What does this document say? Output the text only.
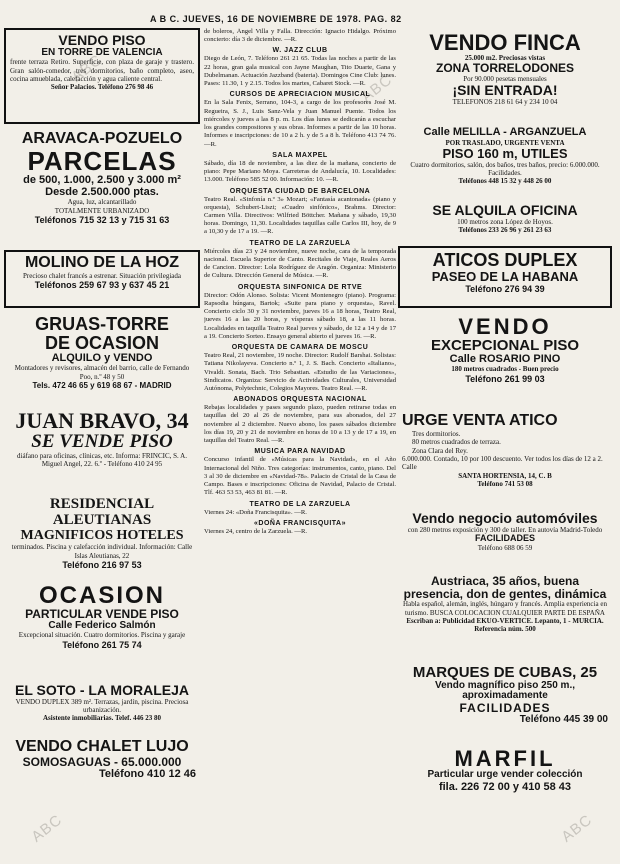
A B C. JUEVES, 16 DE NOVIEMBRE DE 1978. PAG. 82
ABC
ABC
ABC	ABC
VENDO PISO
EN TORRE DE VALENCIA
frente terraza Retiro. Superficie, con plaza de garaje y trastero. Gran salón-comedor, tres dormitorios, baño completo, aseo, cocina amueblada, calefacción y agua caliente central.
Señor Palacios. Teléfono 276 98 46
ARAVACA-POZUELO
PARCELAS
de 500, 1.000, 2.500 y 3.000 m²
Desde 2.500.000 ptas.
Agua, luz, alcantarillado
TOTALMENTE URBANIZADO
Teléfonos 715 32 13 y 715 31 63
MOLINO DE LA HOZ
Precioso chalet francés a estrenar. Situación privilegiada
Teléfonos 259 67 93 y 637 45 21
GRUAS-TORRE
DE OCASION
ALQUILO y VENDO
Montadores y revisores, almacén del barrio, calle de Fernando Poo, n.º 48 y 50
Tels. 472 46 65 y 619 68 67 - MADRID
JUAN BRAVO, 34
SE VENDE PISO
diáfano para oficinas, clínicas, etc. Informa: FRINCIC, S. A.
Miguel Angel, 22. 6.º - Teléfono 410 24 95
RESIDENCIAL ALEUTIANAS
MAGNIFICOS HOTELES
terminados. Piscina y calefacción individual. Información: Calle Islas Aleutianas, 22
Teléfono 216 97 53
OCASION
PARTICULAR VENDE PISO
Calle Federico Salmón
Excepcional situación. Cuatro dormitorios. Piscina y garaje
Teléfono 261 75 74
EL SOTO - LA MORALEJA
VENDO DUPLEX 389 m². Terrazas, jardín, piscina. Preciosa urbanización.
Asistente inmobiliarias. Telef. 446 23 80
VENDO CHALET LUJO
SOMOSAGUAS - 65.000.000
Teléfono 410 12 46

de boleros, Ángel Villa y Falla. Dirección: Ignacio Hidalgo. Próximo concierto: día 3 de diciembre. —R.

W. JAZZ CLUB

Diego de León, 7. Teléfono 261 21 65. Todas las noches a partir de las 22 horas, gran gala musical con Jayne Maughan, Tito Duarte, Gana y Dubelmanan. Actuación Jazzband (bateria). Domingos Cine Club: lunes. Pases: 11.30, 1 y 2.15. Todos los martes, Cabaret Stock. —R.

CURSOS DE APRECIACION MUSICAL

En la Sala Fenix, Serrano, 104-3, a cargo de los profesores José M. Regueira, S. J., Luis Sanz-Vela y Juan Manuel Puente. Todos los miércoles y jueves a las 8 p. m. Los días lunes se dedicarán a escuchar los grandes compositores y sus obras. Informes a partir de las 10 horas. Informes e inscripciones: de 10 a 2 h. y de 5 a 8 h. Teléfono 413 74 76. —R.

SALA MAXPEL

Sábado, día 18 de noviembre, a las diez de la mañana, concierto de piano: Pepe Mariano Moya. Carreteras de Andalucía, 10. Localidades: 13.000. Teléfono 585 52 00. Información: 10. —R.

ORQUESTA CIUDAD DE BARCELONA

Teatro Real. «Sinfonía n.º 3» Mozart; «Fantasía acantonada» (piano y orquesta), Schubert-Liszt; «Cuadro sinfónico», Brahms. Director: Carmen Villa. Directivos: Wilfried Böttcher. Mañana y sábado, 19,30 horas. Domingo, 11,30. Localidades taquillas calle Carlos III, hoy, de 9 a 10,30 y de 17 a 19. —R.

TEATRO DE LA ZARZUELA

Miércoles días 23 y 24 noviembre, nueve noche, cara de la temporada nacional. Escuela Superior de Canto. Recitales de Viaje, Reales Aeros de Cancion. Director: Lola Rodríguez de Aragón. Organiza: Ministerio de Cultura. Dirección General de Música. —R.

ORQUESTA SINFONICA DE RTVE

Director: Odón Alonso. Solista: Vicent Montenegro (piano). Programa: Rapsodia húngara, Bartok; «Suite para piano y orquesta», Ravel. Concierto ciclo 30 y 31 noviembre, jueves 16 a 18 horas, Teatro Real, jueves 16 a las 20 horas, y vísperas sábado 18, a las 11 horas. Localidades en taquilla Teatro Real jueves y sábado, de 12 a 14 y de 17 a 19. Concierto Sorteo. Ensayo general abierto el jueves 16. —R.

ORQUESTA DE CAMARA DE MOSCU

Teatro Real, 21 noviembre, 19 noche. Director: Rudolf Barshai. Solistas: Tatiana Nikolayeva. Concierto n.º 1, J. S. Bach. Concierto «Italiano», Vivaldi. Sonata, Bach. Trio Sebastian. «Estudio de las Variaciones», Sindicatos. Organiza: Servicio de Actividades Culturales, Universidad Autónoma, Polytechnic, Colegios Mayores. Teatro Real. —R.

ABONADOS ORQUESTA NACIONAL

Rebajas localidades y pases segundo plazo, pueden retirarse todas en taquillas del 20 al 26 de noviembre, para sus abonados, del 27 noviembre al 2 diciembre. Nuevo abono, los pases sábados diciembre los días 19, 20 y 21 de noviembre en horas de 10 a 13 y de 17 a 19, en taquillas del Teatro Real. —R.

MUSICA PARA NAVIDAD

Concurso infantil de «Músicas para la Navidad», en el Año Internacional del Niño. Tres categorías: instrumentos, canto, piano. Del 3 al 30 de diciembre en «Navidad-78». Palacio de Cristal de la Casa de Campo. Bases e inscripciones: Oficina de Navidad, Palacio de Cristal. Tlf. 463 53 53, 463 81 81. —R.

TEATRO DE LA ZARZUELA

Viernes 24: «Doña Francisquita». —R.

«DOÑA FRANCISQUITA»

Viernes 24, centro de la Zarzuela. —R.

VENDO FINCA
25.000 m2. Preciosas vistas
ZONA TORRELODONES
Por 90.000 pesetas mensuales
¡SIN ENTRADA!
TELEFONOS 218 61 64 y 234 10 04
Calle MELILLA - ARGANZUELA
POR TRASLADO, URGENTE VENTA
PISO 160 m, UTILES
Cuatro dormitorios, salón, dos baños, tres baños, precio: 6.000.000. Facilidades.
Teléfonos 448 15 32 y 448 26 00
SE ALQUILA OFICINA
100 metros zona López de Hoyos.
Teléfonos 233 26 96 y 261 23 63
ATICOS DUPLEX
PASEO DE LA HABANA
Teléfono 276 94 39
VENDO
EXCEPCIONAL PISO
Calle ROSARIO PINO
180 metros cuadrados - Buen precio
Teléfono 261 99 03
URGE VENTA ATICO
Tres dormitorios.
80 metros cuadrados de terraza.
Zona Clara del Rey.
6.000.000. Contado, 10 por 100 descuento. Ver todos los días de 12 a 2. Calle
SANTA HORTENSIA, 14, C. B
Teléfono 741 53 08
Vendo negocio automóviles
con 280 metros exposición y 300 de taller. En autovía Madrid-Toledo
FACILIDADES
Teléfono 688 06 59
Austriaca, 35 años, buena presencia, don de gentes, dinámica
Habla español, alemán, inglés, húngaro y francés. Amplia experiencia en turismo. BUSCA COLOCACION CUALQUIER PARTE DE ESPAÑA
Escriban a: Publicidad EKUO-VERTICE. Lepanto, 1 - MURCIA. Referencia núm. 500
MARQUES DE CUBAS, 25
Vendo magnífico piso 250 m., aproximadamente
FACILIDADES
Teléfono 445 39 00
MARFIL
Particular urge vender colección
fila. 226 72 00 y 410 58 43
